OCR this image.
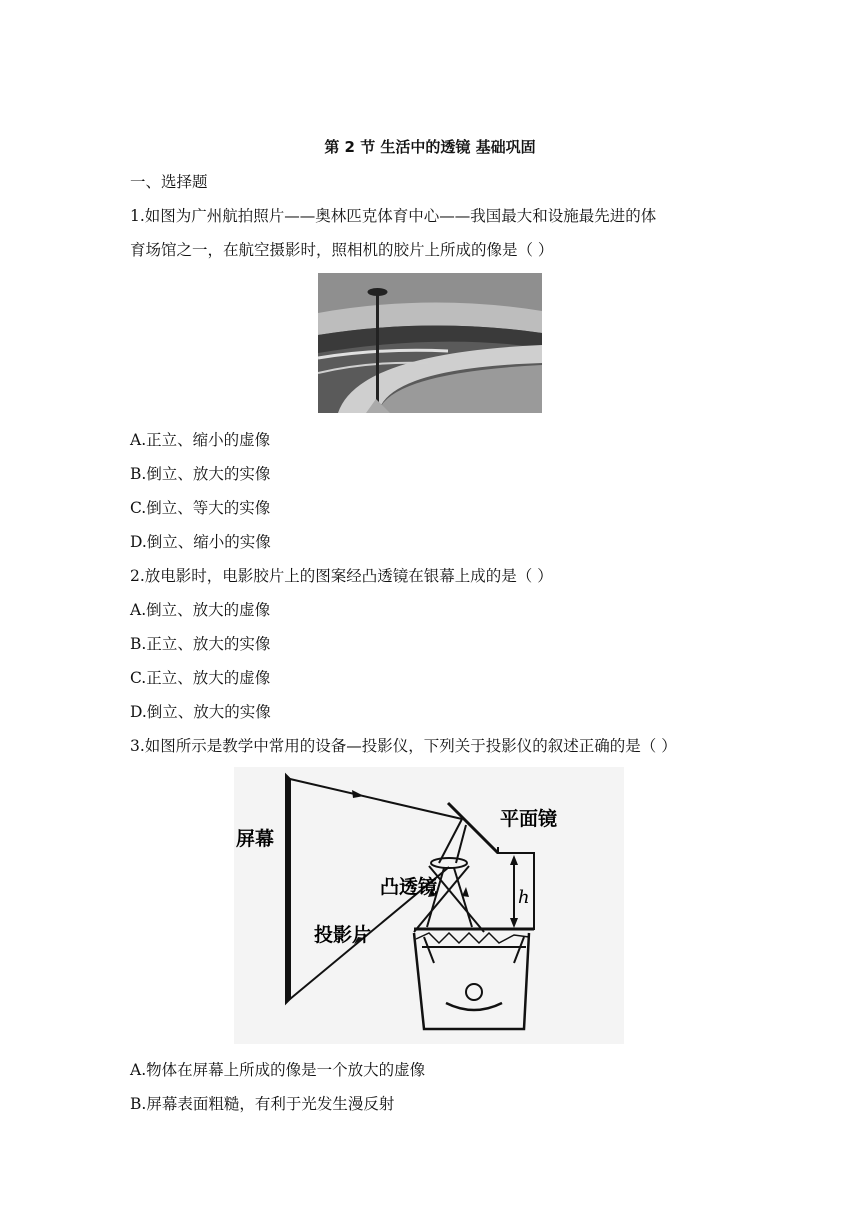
第 2 节 生活中的透镜 基础巩固
一、选择题
1.如图为广州航拍照片——奥林匹克体育中心——我国最大和设施最先进的体
育场馆之一，在航空摄影时，照相机的胶片上所成的像是（ ）
A.正立、缩小的虚像
B.倒立、放大的实像
C.倒立、等大的实像
D.倒立、缩小的实像
2.放电影时，电影胶片上的图案经凸透镜在银幕上成的是（ ）
A.倒立、放大的虚像
B.正立、放大的实像
C.正立、放大的虚像
D.倒立、放大的实像
3.如图所示是教学中常用的设备—投影仪，下列关于投影仪的叙述正确的是（ ）
屏幕
平面镜
凸透镜
投影片
h
A.物体在屏幕上所成的像是一个放大的虚像
B.屏幕表面粗糙，有利于光发生漫反射
